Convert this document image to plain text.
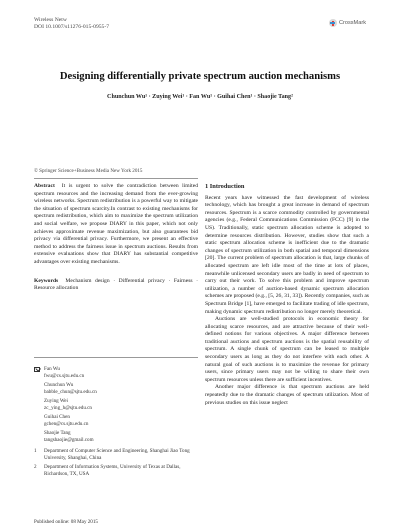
Wireless Netw
DOI 10.1007/s11276-015-0955-7
CrossMark
Designing differentially private spectrum auction mechanisms
Chunchun Wu¹ · Zuying Wei¹ · Fan Wu¹ · Guihai Chen¹ · Shaojie Tang²
© Springer Science+Business Media New York 2015
Abstract It is urgent to solve the contradiction between limited spectrum resources and the increasing demand from the ever-growing wireless networks. Spectrum redistribution is a powerful way to mitigate the situation of spectrum scarcity.In contrast to existing mechanisms for spectrum redistribution, which aim to maximize the spectrum utilization and social welfare, we propose DIARY in this paper, which not only achieves approximate revenue maximization, but also guarantees bid privacy via differential privacy. Furthermore, we present an effective method to address the fairness issue in spectrum auctions. Results from extensive evaluations show that DIARY has substantial competitive advantages over existing mechanisms.
Keywords Mechanism design · Differential privacy · Fairness · Resource allocation
Fan Wu
fwu@cs.sjtu.edu.cn
Chunchun Wu
babble_chun@sjtu.edu.cn
Zuying Wei
zc_ying_h@sjtu.edu.cn
Guihai Chen
gchen@cs.sjtu.edu.cn
Shaojie Tang
tangshaojie@gmail.com
1	Department of Computer Science and Engineering, Shanghai Jiao Tong University, Shanghai, China
2	Department of Information Systems, University of Texas at Dallas, Richardson, TX, USA
Published online: 08 May 2015
1 Introduction

Recent years have witnessed the fast development of wireless technology, which has brought a great increase in demand of spectrum resources. Spectrum is a scarce commodity controlled by governmental agencies (e.g., Federal Communications Commission (FCC) [9] in the US). Traditionally, static spectrum allocation scheme is adopted to determine resources distribution. However, studies show that such a static spectrum allocation scheme is inefficient due to the dramatic changes of spectrum utilization in both spatial and temporal dimensions [20]. The current problem of spectrum allocation is that, large chunks of allocated spectrum are left idle most of the time at lots of places, meanwhile unlicensed secondary users are badly in need of spectrum to carry out their work. To solve this problem and improve spectrum utilization, a number of auction-based dynamic spectrum allocation schemes are proposed (e.g., [5, 26, 31, 33]). Recently companies, such as Spectrum Bridge [1], have emerged to facilitate trading of idle spectrum, making dynamic spectrum redistribution no longer merely theoretical.

Auctions are well-studied protocols in economic theory for allocating scarce resources, and are attractive because of their well-defined notions for various objectives. A major difference between traditional auctions and spectrum auctions is the spatial reusability of spectrum. A single chunk of spectrum can be leased to multiple secondary users as long as they do not interfere with each other. A natural goal of such auctions is to maximize the revenue for primary users, since primary users may not be willing to share their own spectrum resources unless there are sufficient incentives.

Another major difference is that spectrum auctions are held repeatedly due to the dramatic changes of spectrum utilization. Most of previous studies on this issue neglect
